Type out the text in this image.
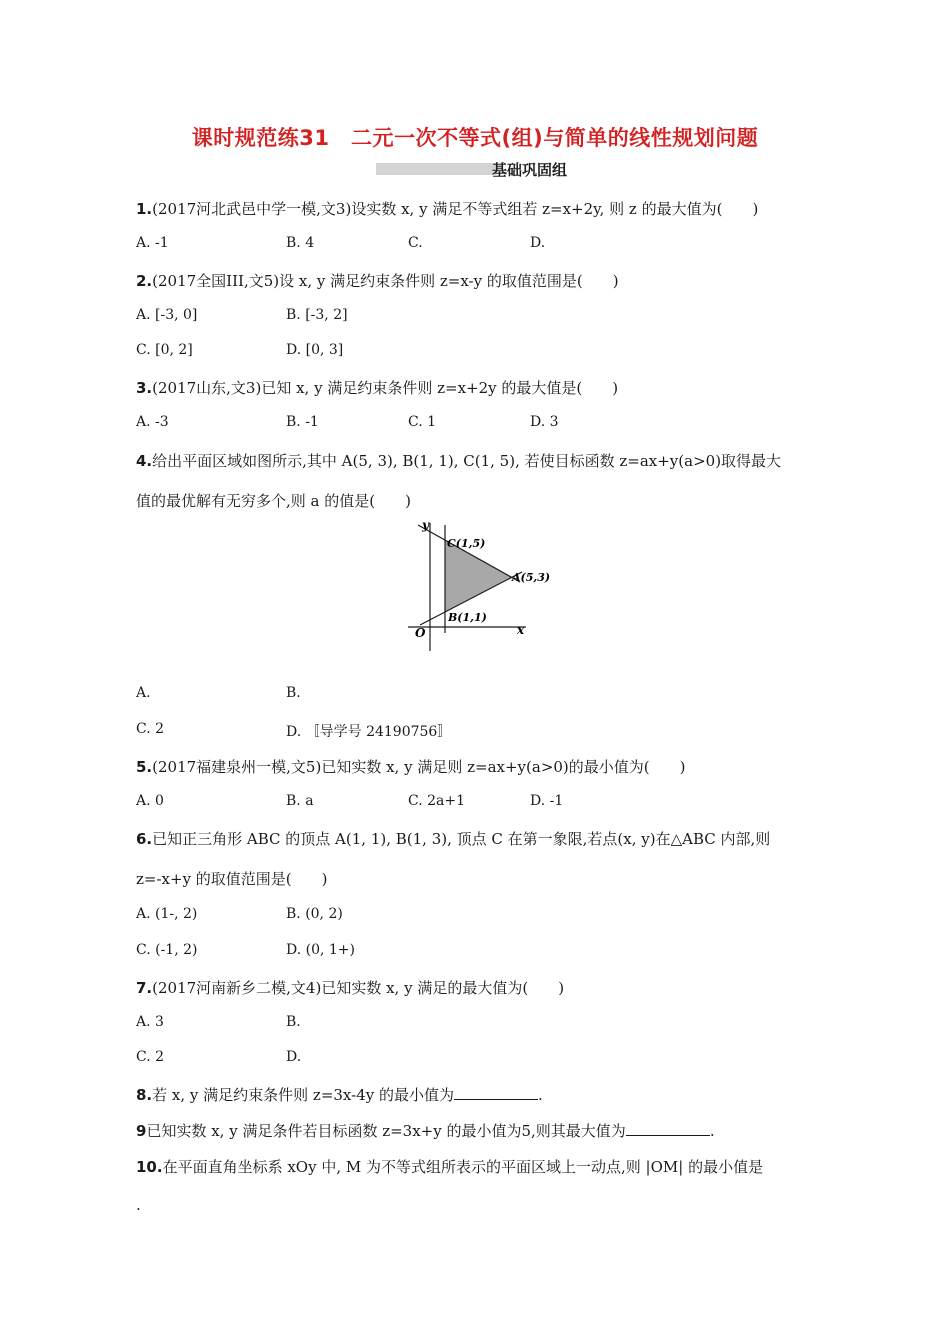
课时规范练31　二元一次不等式(组)与简单的线性规划问题
基础巩固组
1.(2017河北武邑中学一模,文3)设实数 x, y 满足不等式组若 z=x+2y, 则 z 的最大值为(　　)
A. -1	B. 4	C.	D.
2.(2017全国III,文5)设 x, y 满足约束条件则 z=x-y 的取值范围是(　　)
A. [-3, 0]	B. [-3, 2]
C. [0, 2]	D. [0, 3]
3.(2017山东,文3)已知 x, y 满足约束条件则 z=x+2y 的最大值是(　　)
A. -3	B. -1	C. 1	D. 3
4.给出平面区域如图所示,其中 A(5, 3), B(1, 1), C(1, 5), 若使目标函数 z=ax+y(a>0)取得最大
值的最优解有无穷多个,则 a 的值是(　　)
y
x
O
C(1,5)
A(5,3)
B(1,1)
A.	B.
C. 2	D. 〚导学号 24190756〛
5.(2017福建泉州一模,文5)已知实数 x, y 满足则 z=ax+y(a>0)的最小值为(　　)
A. 0	B. a	C. 2a+1	D. -1
6.已知正三角形 ABC 的顶点 A(1, 1), B(1, 3), 顶点 C 在第一象限,若点(x, y)在△ABC 内部,则
z=-x+y 的取值范围是(　　)
A. (1-, 2)	B. (0, 2)
C. (-1, 2)	D. (0, 1+)
7.(2017河南新乡二模,文4)已知实数 x, y 满足的最大值为(　　)
A. 3	B.
C. 2	D.
8.若 x, y 满足约束条件则 z=3x-4y 的最小值为	.
9已知实数 x, y 满足条件若目标函数 z=3x+y 的最小值为5,则其最大值为	.
10.在平面直角坐标系 xOy 中, M 为不等式组所表示的平面区域上一动点,则 |OM| 的最小值是
.
